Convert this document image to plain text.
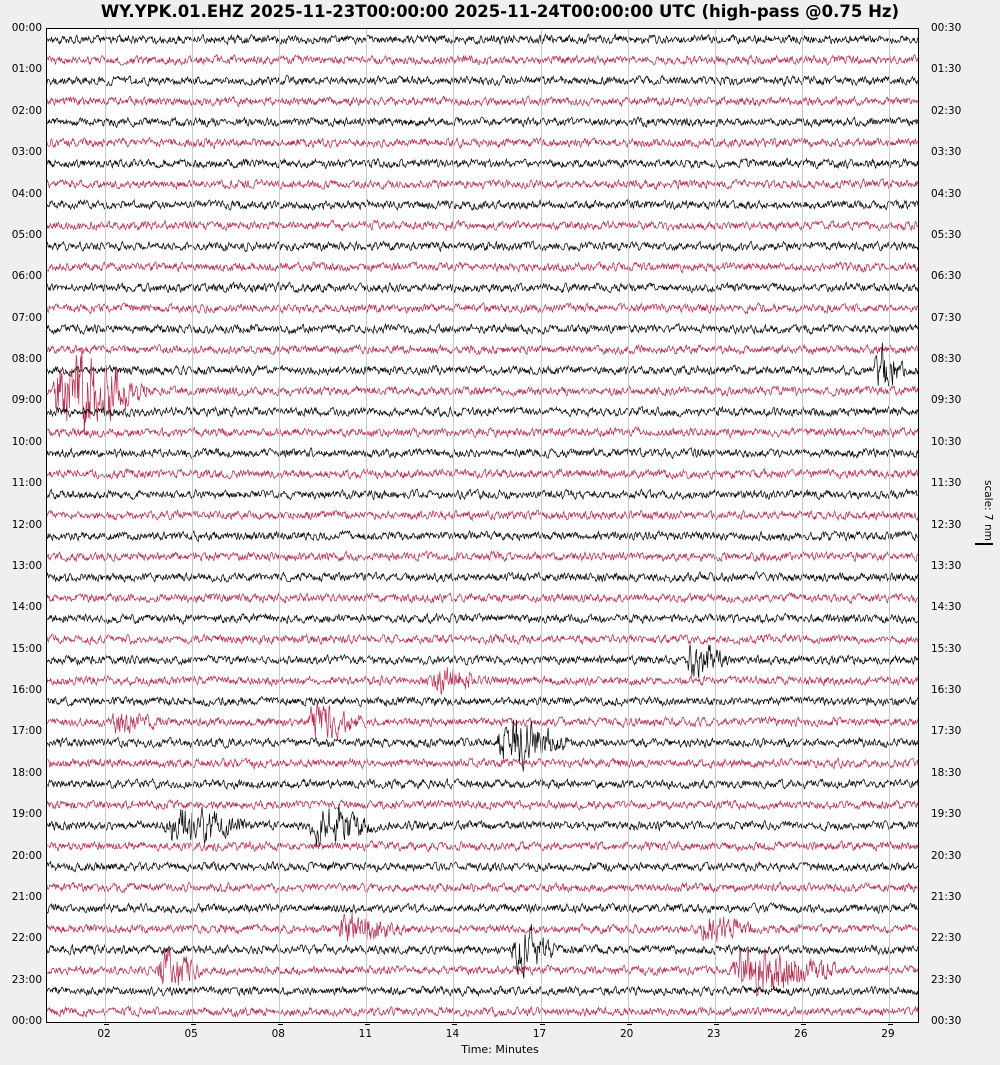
WY.YPK.01.EHZ 2025-11-23T00:00:00 2025-11-24T00:00:00 UTC (high-pass @0.75 Hz)
00:00
01:00
02:00
03:00
04:00
05:00
06:00
07:00
08:00
09:00
10:00
11:00
12:00
13:00
14:00
15:00
16:00
17:00
18:00
19:00
20:00
21:00
22:00
23:00
00:00
00:30
01:30
02:30
03:30
04:30
05:30
06:30
07:30
08:30
09:30
10:30
11:30
12:30
13:30
14:30
15:30
16:30
17:30
18:30
19:30
20:30
21:30
22:30
23:30
00:30
02	05	08	11	14	17	20	23	26	29
Time: Minutes
scale: 7 nm
